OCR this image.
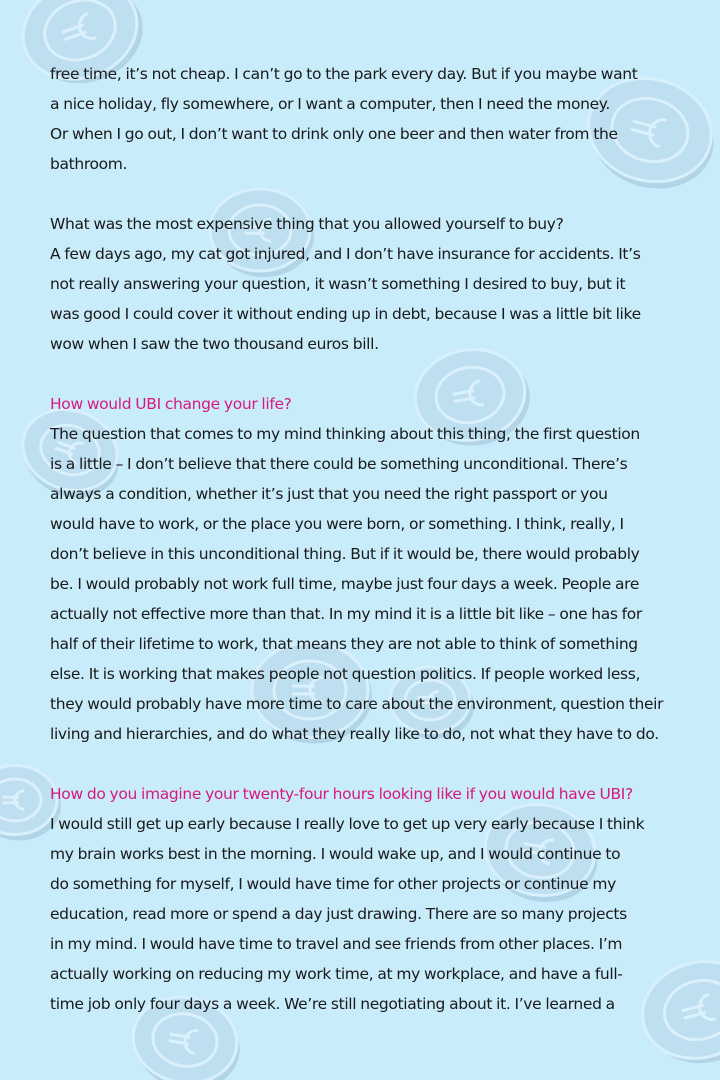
free time, it’s not cheap. I can’t go to the park every day. But if you maybe want
a nice holiday, fly somewhere, or I want a computer, then I need the money.
Or when I go out, I don’t want to drink only one beer and then water from the
bathroom.
What was the most expensive thing that you allowed yourself to buy?
A few days ago, my cat got injured, and I don’t have insurance for accidents. It’s
not really answering your question, it wasn’t something I desired to buy, but it
was good I could cover it without ending up in debt, because I was a little bit like
wow when I saw the two thousand euros bill.
How would UBI change your life?
The question that comes to my mind thinking about this thing, the first question
is a little – I don’t believe that there could be something unconditional. There’s
always a condition, whether it’s just that you need the right passport or you
would have to work, or the place you were born, or something. I think, really, I
don’t believe in this unconditional thing. But if it would be, there would probably
be. I would probably not work full time, maybe just four days a week. People are
actually not effective more than that. In my mind it is a little bit like – one has for
half of their lifetime to work, that means they are not able to think of something
else. It is working that makes people not question politics. If people worked less,
they would probably have more time to care about the environment, question their
living and hierarchies, and do what they really like to do, not what they have to do.
How do you imagine your twenty-four hours looking like if you would have UBI?
I would still get up early because I really love to get up very early because I think
my brain works best in the morning. I would wake up, and I would continue to
do something for myself, I would have time for other projects or continue my
education, read more or spend a day just drawing. There are so many projects
in my mind. I would have time to travel and see friends from other places. I’m
actually working on reducing my work time, at my workplace, and have a full-
time job only four days a week. We’re still negotiating about it. I’ve learned a
